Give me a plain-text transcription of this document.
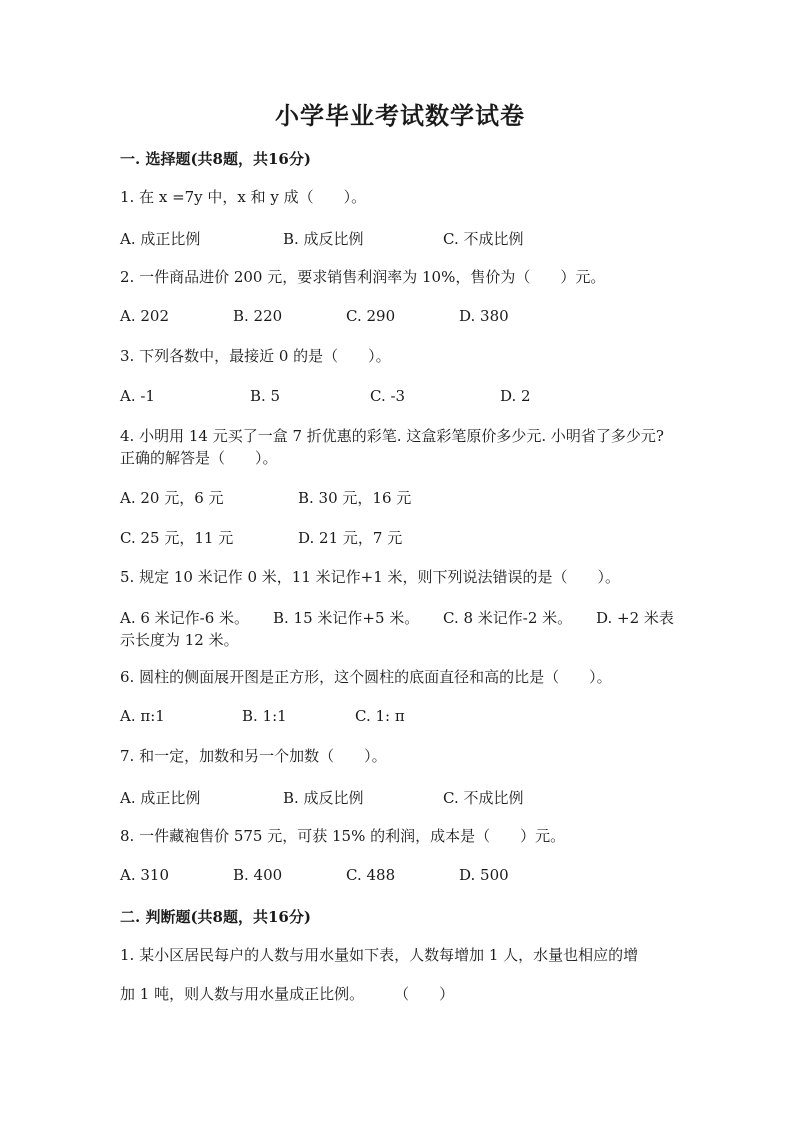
小学毕业考试数学试卷
一. 选择题(共8题，共16分)
1. 在 x =7y 中，x 和 y 成（　　）。
A. 成正比例	B. 成反比例	C. 不成比例
2. 一件商品进价 200 元，要求销售利润率为 10%，售价为（　　）元。
A. 202	B. 220	C. 290	D. 380
3. 下列各数中，最接近 0 的是（　　）。
A. -1	B. 5	C. -3	D. 2
4. 小明用 14 元买了一盒 7 折优惠的彩笔. 这盒彩笔原价多少元. 小明省了多少元?
正确的解答是（　　）。
A. 20 元，6 元	B. 30 元，16 元
C. 25 元，11 元	D. 21 元，7 元
5. 规定 10 米记作 0 米，11 米记作+1 米，则下列说法错误的是（　　）。
A. 6 米记作-6 米。 B. 15 米记作+5 米。 C. 8 米记作-2 米。 D. +2 米表
示长度为 12 米。
6. 圆柱的侧面展开图是正方形，这个圆柱的底面直径和高的比是（　　）。
A. π:1	B. 1:1	C. 1: π
7. 和一定，加数和另一个加数（　　）。
A. 成正比例	B. 成反比例	C. 不成比例
8. 一件藏袍售价 575 元，可获 15% 的利润，成本是（　　）元。
A. 310	B. 400	C. 488	D. 500
二. 判断题(共8题，共16分)
1. 某小区居民每户的人数与用水量如下表，人数每增加 1 人，水量也相应的增
加 1 吨，则人数与用水量成正比例。　　　（　　）
